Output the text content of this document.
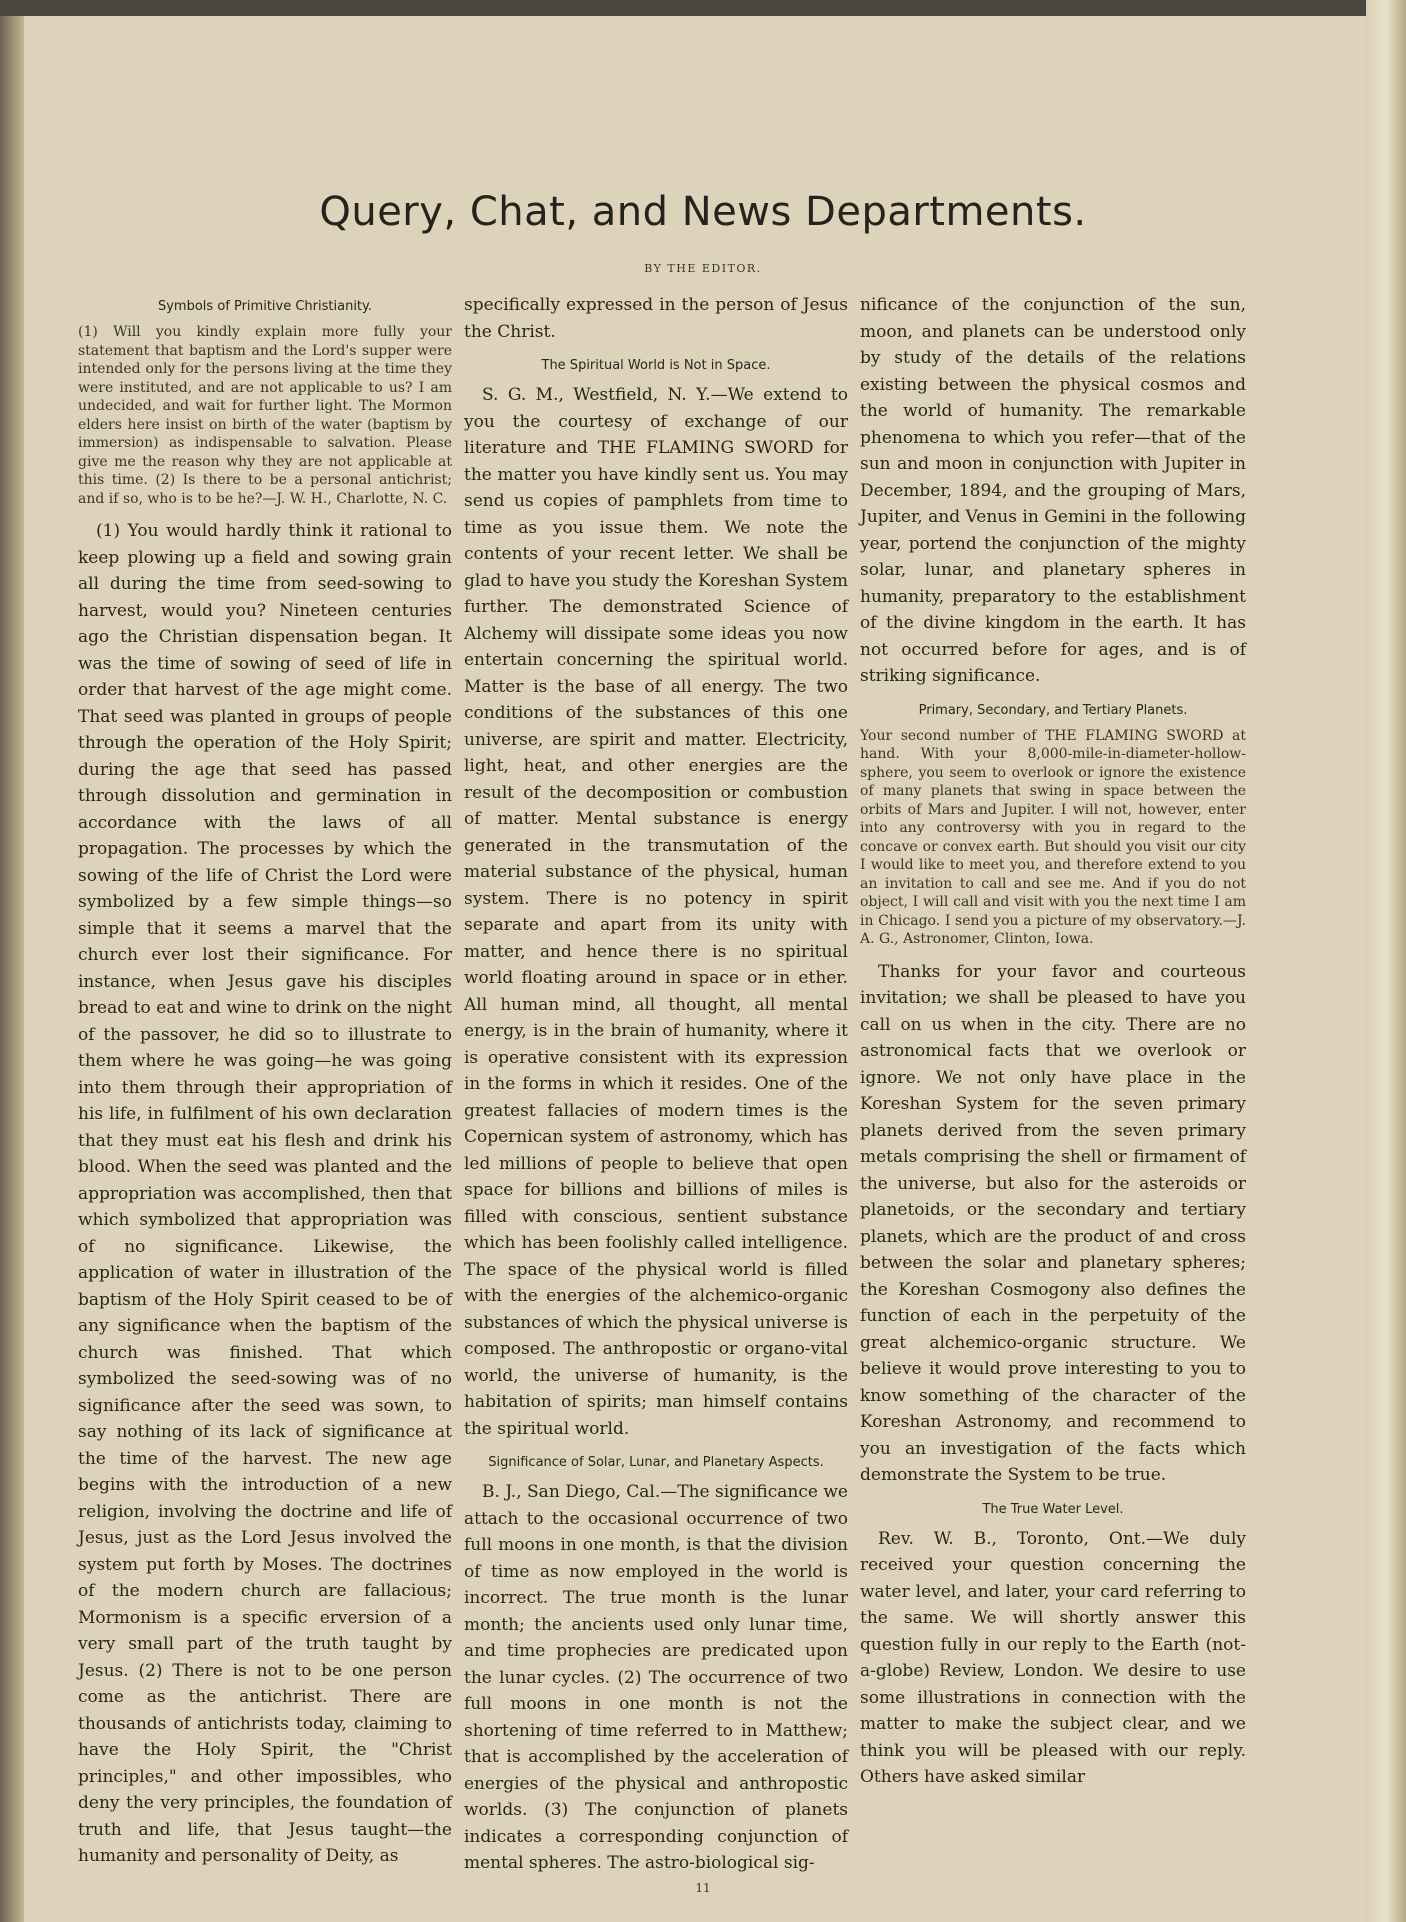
Query, Chat, and News Departments.
BY THE EDITOR.
Symbols of Primitive Christianity.

(1) Will you kindly explain more fully your statement that baptism and the Lord's supper were intended only for the persons living at the time they were instituted, and are not applicable to us? I am undecided, and wait for further light. The Mormon elders here insist on birth of the water (baptism by immersion) as indispensable to salvation. Please give me the reason why they are not applicable at this time. (2) Is there to be a personal antichrist; and if so, who is to be he?—J. W. H., Charlotte, N. C.

(1) You would hardly think it rational to keep plowing up a field and sowing grain all during the time from seed-sowing to harvest, would you? Nineteen centuries ago the Christian dispensation began. It was the time of sowing of seed of life in order that harvest of the age might come. That seed was planted in groups of people through the operation of the Holy Spirit; during the age that seed has passed through dissolution and germination in accordance with the laws of all propagation. The processes by which the sowing of the life of Christ the Lord were symbolized by a few simple things—so simple that it seems a marvel that the church ever lost their significance. For instance, when Jesus gave his disciples bread to eat and wine to drink on the night of the passover, he did so to illustrate to them where he was going—he was going into them through their appropriation of his life, in fulfilment of his own declaration that they must eat his flesh and drink his blood. When the seed was planted and the appropriation was accomplished, then that which symbolized that appropriation was of no significance. Likewise, the application of water in illustration of the baptism of the Holy Spirit ceased to be of any significance when the baptism of the church was finished. That which symbolized the seed-sowing was of no significance after the seed was sown, to say nothing of its lack of significance at the time of the harvest. The new age begins with the introduction of a new religion, involving the doctrine and life of Jesus, just as the Lord Jesus involved the system put forth by Moses. The doctrines of the modern church are fallacious; Mormonism is a specific erversion of a very small part of the truth taught by Jesus. (2) There is not to be one person come as the antichrist. There are thousands of antichrists today, claiming to have the Holy Spirit, the "Christ principles," and other impossibles, who deny the very principles, the foundation of truth and life, that Jesus taught—the humanity and personality of Deity, as

specifically expressed in the person of Jesus the Christ.

The Spiritual World is Not in Space.

S. G. M., Westfield, N. Y.—We extend to you the courtesy of exchange of our literature and THE FLAMING SWORD for the matter you have kindly sent us. You may send us copies of pamphlets from time to time as you issue them. We note the contents of your recent letter. We shall be glad to have you study the Koreshan System further. The demonstrated Science of Alchemy will dissipate some ideas you now entertain concerning the spiritual world. Matter is the base of all energy. The two conditions of the substances of this one universe, are spirit and matter. Electricity, light, heat, and other energies are the result of the decomposition or combustion of matter. Mental substance is energy generated in the transmutation of the material substance of the physical, human system. There is no potency in spirit separate and apart from its unity with matter, and hence there is no spiritual world floating around in space or in ether. All human mind, all thought, all mental energy, is in the brain of humanity, where it is operative consistent with its expression in the forms in which it resides. One of the greatest fallacies of modern times is the Copernican system of astronomy, which has led millions of people to believe that open space for billions and billions of miles is filled with conscious, sentient substance which has been foolishly called intelligence. The space of the physical world is filled with the energies of the alchemico-organic substances of which the physical universe is composed. The anthropostic or organo-vital world, the universe of humanity, is the habitation of spirits; man himself contains the spiritual world.

Significance of Solar, Lunar, and Planetary Aspects.

B. J., San Diego, Cal.—The significance we attach to the occasional occurrence of two full moons in one month, is that the division of time as now employed in the world is incorrect. The true month is the lunar month; the ancients used only lunar time, and time prophecies are predicated upon the lunar cycles. (2) The occurrence of two full moons in one month is not the shortening of time referred to in Matthew; that is accomplished by the acceleration of energies of the physical and anthropostic worlds. (3) The conjunction of planets indicates a corresponding conjunction of mental spheres. The astro-biological sig-

nificance of the conjunction of the sun, moon, and planets can be understood only by study of the details of the relations existing between the physical cosmos and the world of humanity. The remarkable phenomena to which you refer—that of the sun and moon in conjunction with Jupiter in December, 1894, and the grouping of Mars, Jupiter, and Venus in Gemini in the following year, portend the conjunction of the mighty solar, lunar, and planetary spheres in humanity, preparatory to the establishment of the divine kingdom in the earth. It has not occurred before for ages, and is of striking significance.

Primary, Secondary, and Tertiary Planets.

Your second number of THE FLAMING SWORD at hand. With your 8,000-mile-in-diameter-hollow-sphere, you seem to overlook or ignore the existence of many planets that swing in space between the orbits of Mars and Jupiter. I will not, however, enter into any controversy with you in regard to the concave or convex earth. But should you visit our city I would like to meet you, and therefore extend to you an invitation to call and see me. And if you do not object, I will call and visit with you the next time I am in Chicago. I send you a picture of my observatory.—J. A. G., Astronomer, Clinton, Iowa.

Thanks for your favor and courteous invitation; we shall be pleased to have you call on us when in the city. There are no astronomical facts that we overlook or ignore. We not only have place in the Koreshan System for the seven primary planets derived from the seven primary metals comprising the shell or firmament of the universe, but also for the asteroids or planetoids, or the secondary and tertiary planets, which are the product of and cross between the solar and planetary spheres; the Koreshan Cosmogony also defines the function of each in the perpetuity of the great alchemico-organic structure. We believe it would prove interesting to you to know something of the character of the Koreshan Astronomy, and recommend to you an investigation of the facts which demonstrate the System to be true.

The True Water Level.

Rev. W. B., Toronto, Ont.—We duly received your question concerning the water level, and later, your card referring to the same. We will shortly answer this question fully in our reply to the Earth (not-a-globe) Review, London. We desire to use some illustrations in connection with the matter to make the subject clear, and we think you will be pleased with our reply. Others have asked similar

11
